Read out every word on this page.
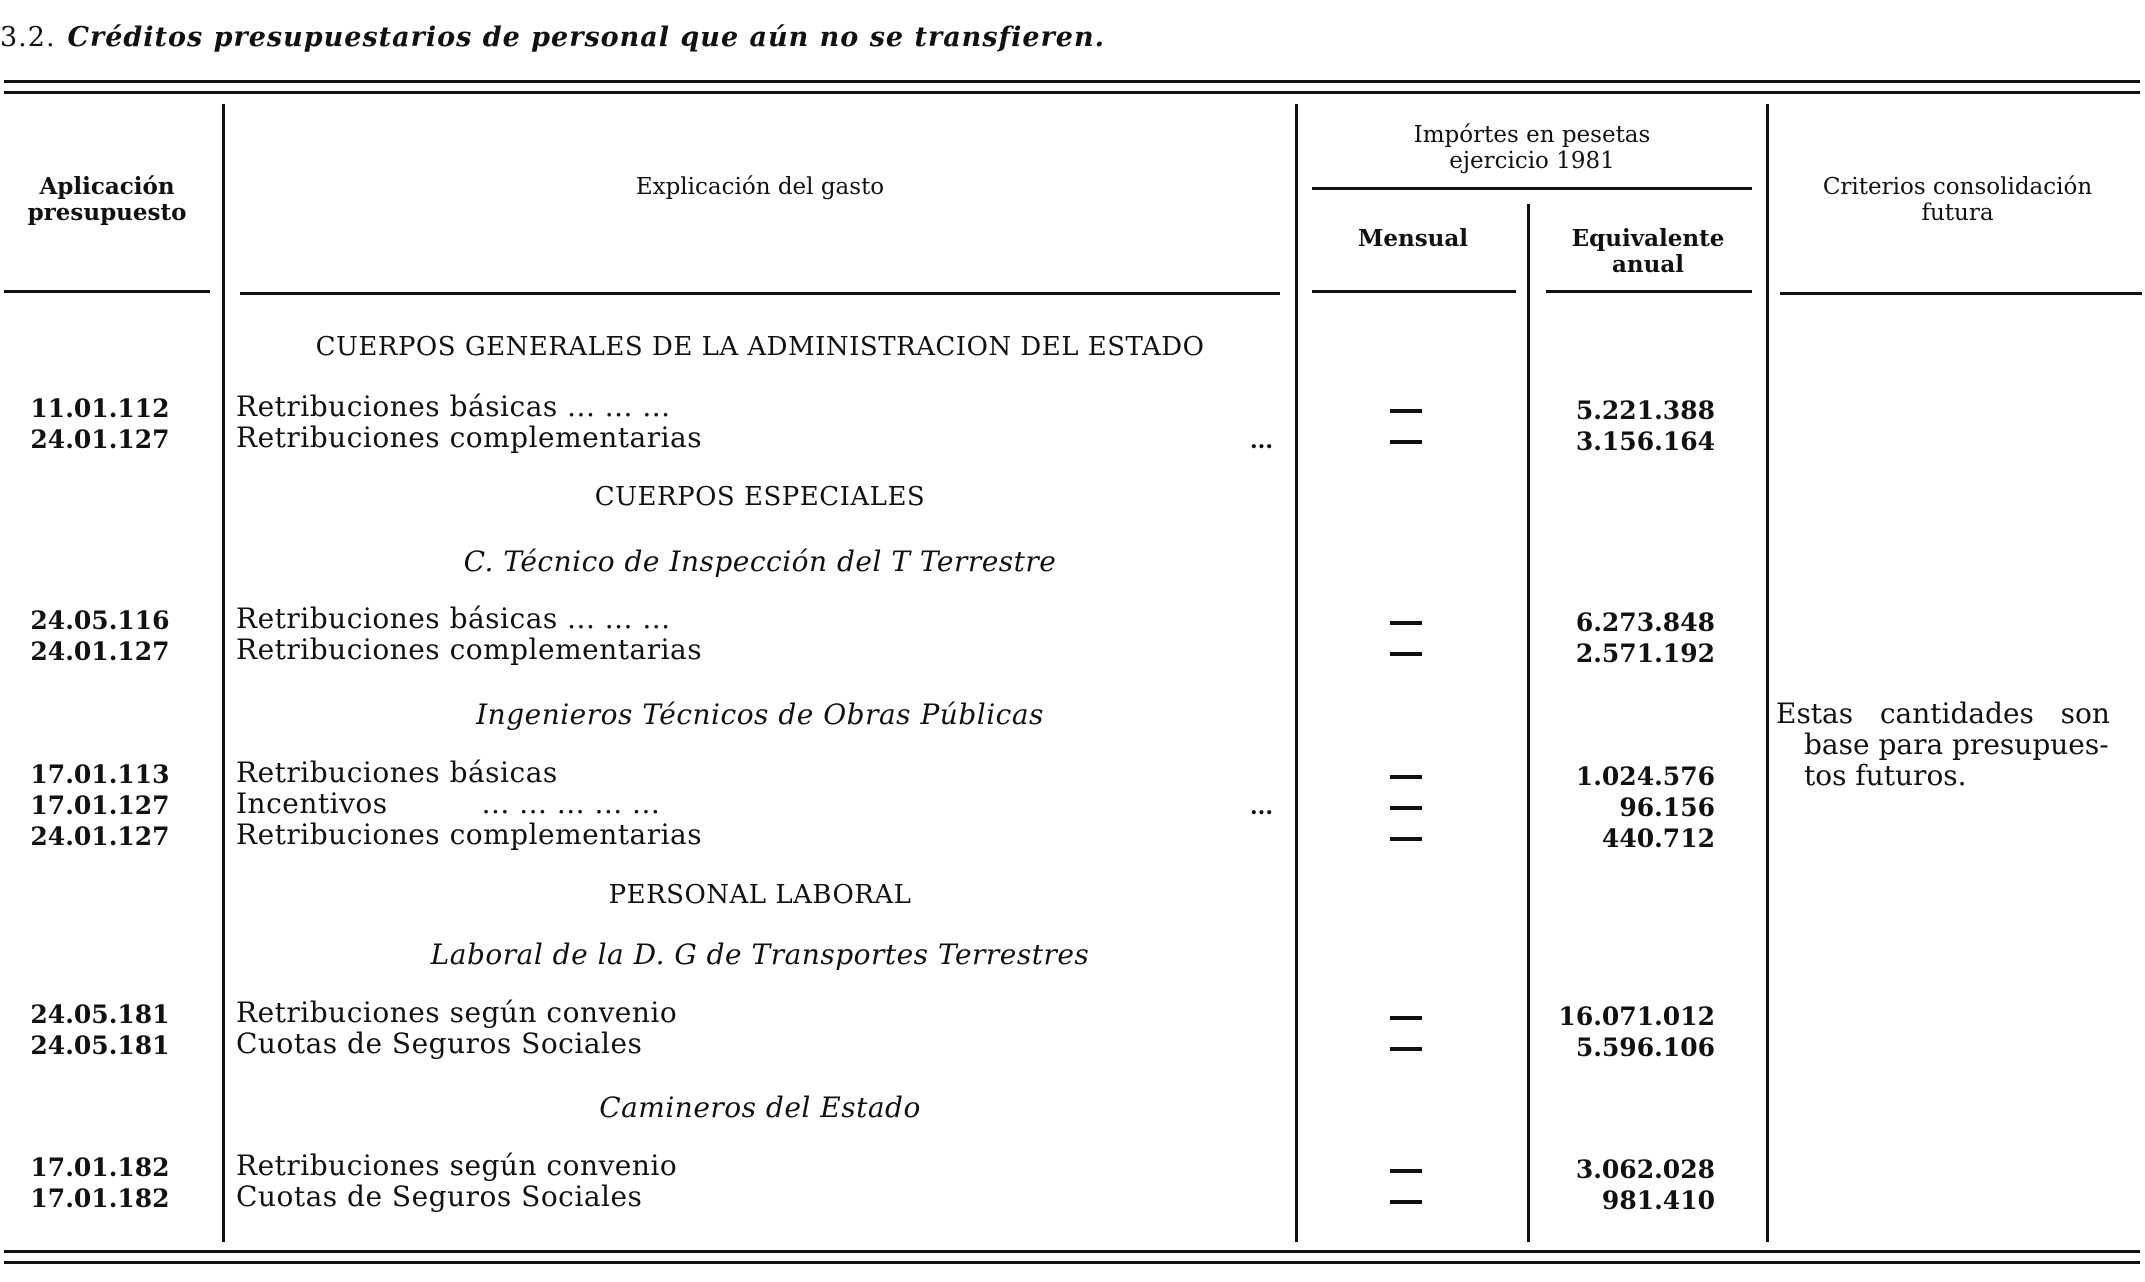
3.2. Créditos presupuestarios de personal que aún no se transfieren.
Aplicación
presupuesto
Explicación del gasto
Impórtes en pesetas
ejercicio 1981
Mensual	Equivalente
anual
Criterios consolidación
futura
CUERPOS GENERALES DE LA ADMINISTRACION DEL ESTADO
CUERPOS ESPECIALES
C. Técnico de Inspección del T Terrestre
Ingenieros Técnicos de Obras Públicas
PERSONAL LABORAL
Laboral de la D. G de Transportes Terrestres
Camineros del Estado
11.01.112
24.01.127
24.05.116
24.01.127
17.01.113
17.01.127
24.01.127
24.05.181
24.05.181
17.01.182
17.01.182
Retribuciones básicas ... ... ...
Retribuciones complementarias
Retribuciones básicas ... ... ...
Retribuciones complementarias
Retribuciones básicas
Incentivos          ... ... ... ... ...
Retribuciones complementarias
Retribuciones según convenio
Cuotas de Seguros Sociales
Retribuciones según convenio
Cuotas de Seguros Sociales
...
...
5.221.388
3.156.164
6.273.848
2.571.192
1.024.576
96.156
440.712
16.071.012
5.596.106
3.062.028
981.410
Estas   cantidades   son
base para presupues-
tos futuros.
